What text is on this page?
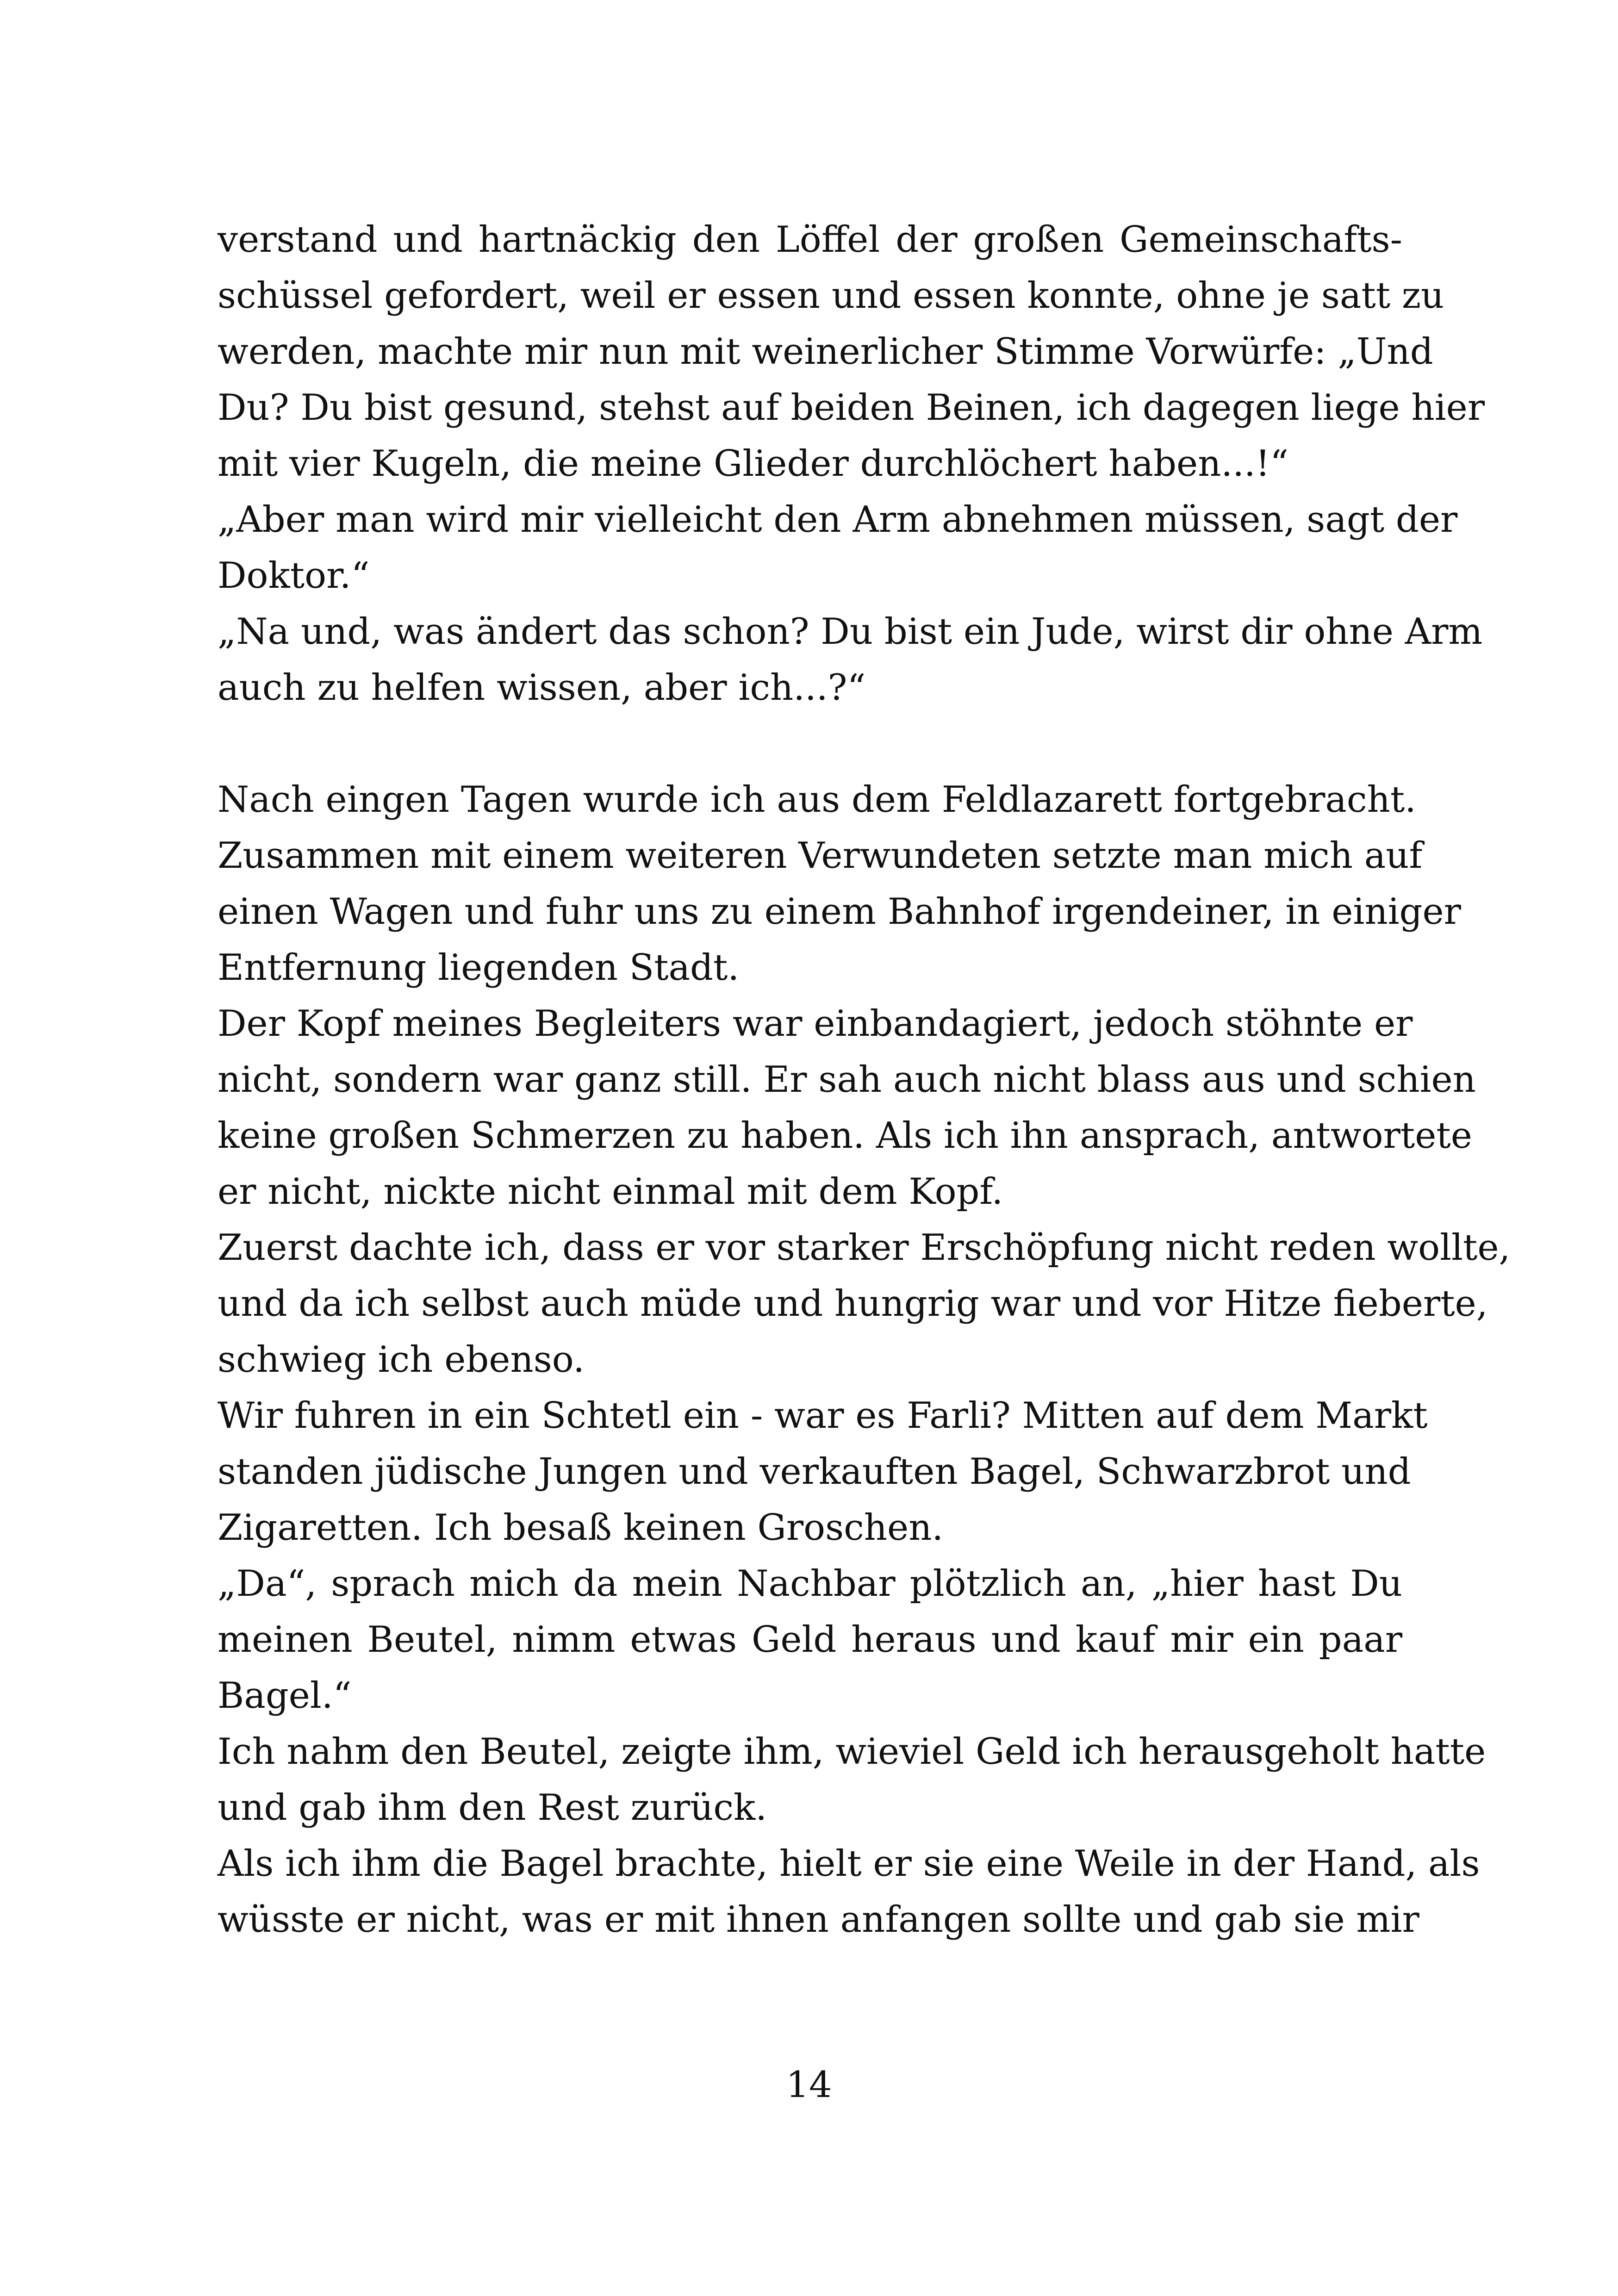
verstand und hartnäckig den Löffel der großen Gemeinschafts-
schüssel gefordert, weil er essen und essen konnte, ohne je satt zu
werden, machte mir nun mit weinerlicher Stimme Vorwürfe: „Und
Du? Du bist gesund, stehst auf beiden Beinen, ich dagegen liege hier
mit vier Kugeln, die meine Glieder durchlöchert haben...!“
„Aber man wird mir vielleicht den Arm abnehmen müssen, sagt der
Doktor.“
„Na und, was ändert das schon? Du bist ein Jude, wirst dir ohne Arm
auch zu helfen wissen, aber ich...?“
Nach eingen Tagen wurde ich aus dem Feldlazarett fortgebracht.
Zusammen mit einem weiteren Verwundeten setzte man mich auf
einen Wagen und fuhr uns zu einem Bahnhof irgendeiner, in einiger
Entfernung liegenden Stadt.
Der Kopf meines Begleiters war einbandagiert, jedoch stöhnte er
nicht, sondern war ganz still. Er sah auch nicht blass aus und schien
keine großen Schmerzen zu haben. Als ich ihn ansprach, antwortete
er nicht, nickte nicht einmal mit dem Kopf.
Zuerst dachte ich, dass er vor starker Erschöpfung nicht reden wollte,
und da ich selbst auch müde und hungrig war und vor Hitze fieberte,
schwieg ich ebenso.
Wir fuhren in ein Schtetl ein - war es Farli? Mitten auf dem Markt
standen jüdische Jungen und verkauften Bagel, Schwarzbrot und
Zigaretten. Ich besaß keinen Groschen.
„Da“, sprach mich da mein Nachbar plötzlich an, „hier hast Du
meinen Beutel, nimm etwas Geld heraus und kauf mir ein paar
Bagel.“
Ich nahm den Beutel, zeigte ihm, wieviel Geld ich herausgeholt hatte
und gab ihm den Rest zurück.
Als ich ihm die Bagel brachte, hielt er sie eine Weile in der Hand, als
wüsste er nicht, was er mit ihnen anfangen sollte und gab sie mir
14
